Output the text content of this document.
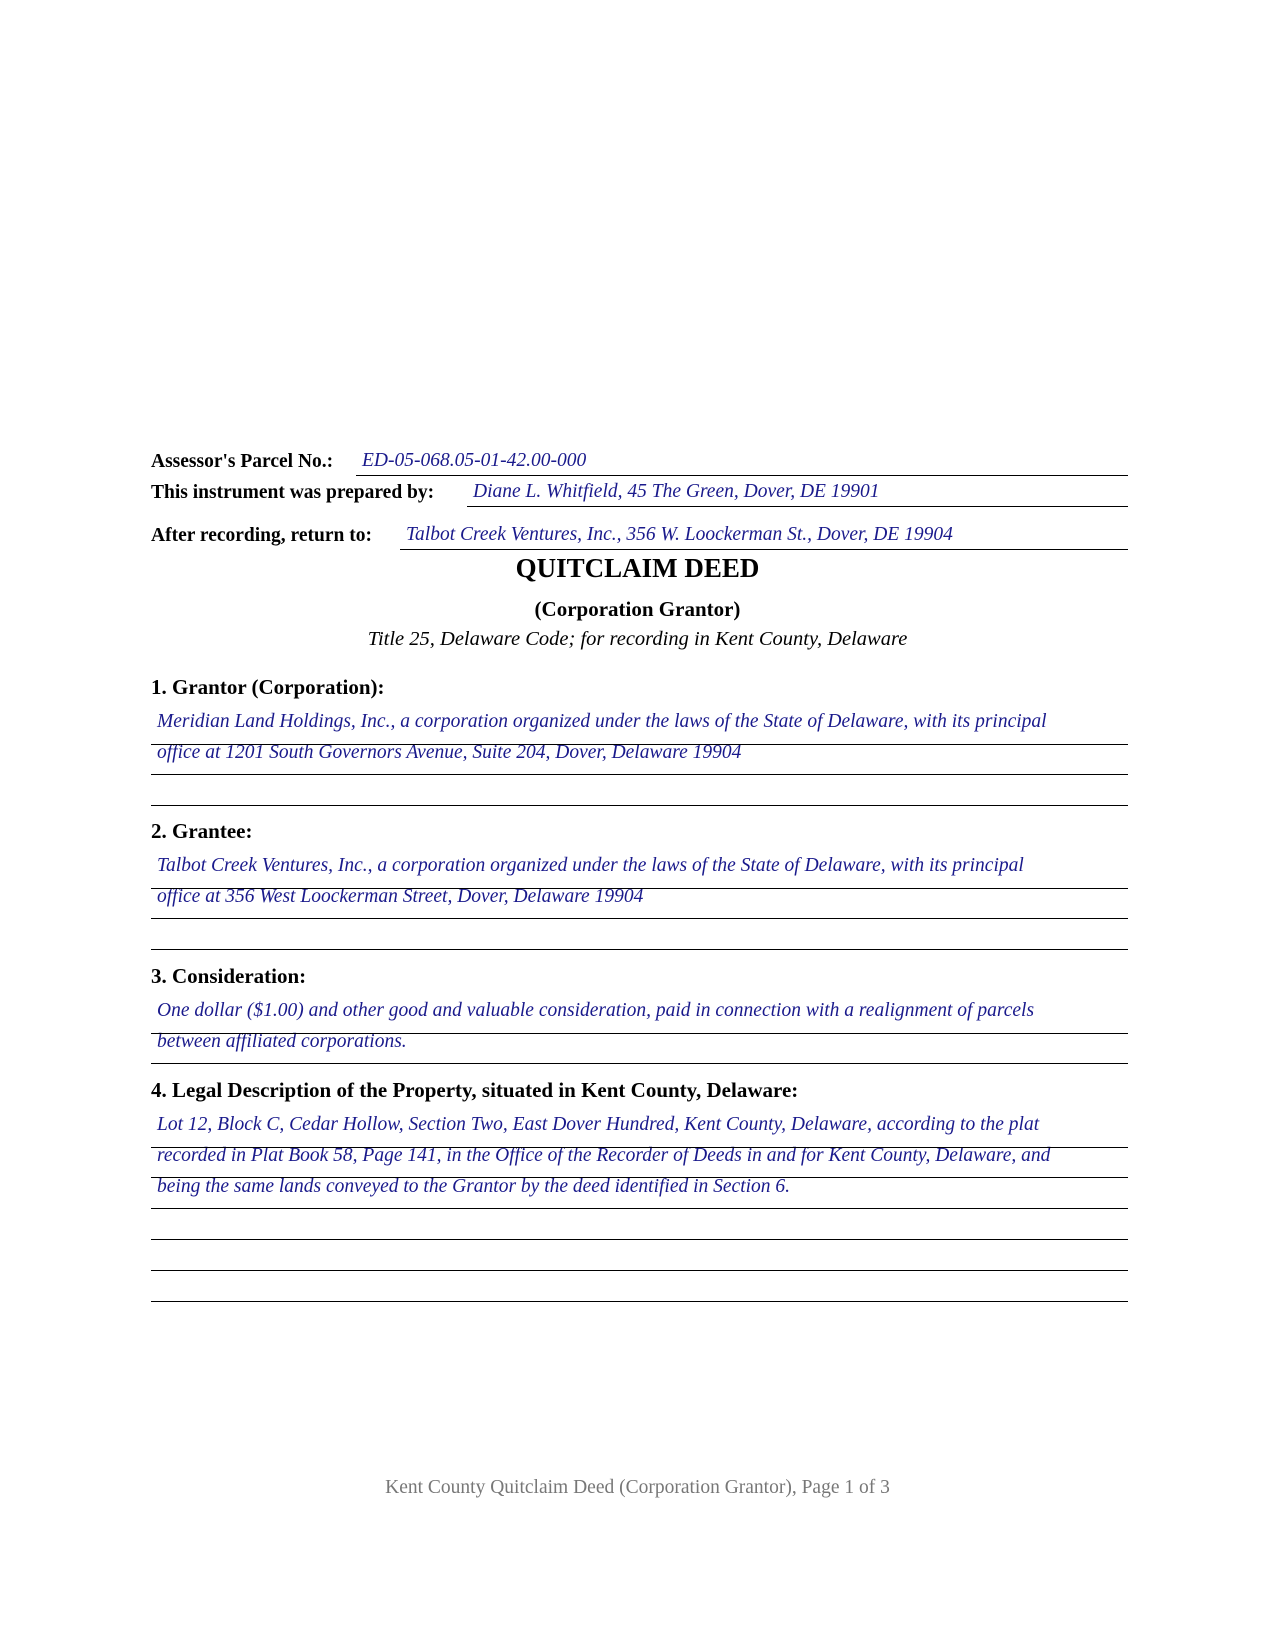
Assessor's Parcel No.: ED-05-068.05-01-42.00-000
This instrument was prepared by: Diane L. Whitfield, 45 The Green, Dover, DE 19901
After recording, return to: Talbot Creek Ventures, Inc., 356 W. Loockerman St., Dover, DE 19904
QUITCLAIM DEED
(Corporation Grantor)
Title 25, Delaware Code; for recording in Kent County, Delaware
1. Grantor (Corporation):
Meridian Land Holdings, Inc., a corporation organized under the laws of the State of Delaware, with its principal
office at 1201 South Governors Avenue, Suite 204, Dover, Delaware 19904
2. Grantee:
Talbot Creek Ventures, Inc., a corporation organized under the laws of the State of Delaware, with its principal
office at 356 West Loockerman Street, Dover, Delaware 19904
3. Consideration:
One dollar ($1.00) and other good and valuable consideration, paid in connection with a realignment of parcels
between affiliated corporations.
4. Legal Description of the Property, situated in Kent County, Delaware:
Lot 12, Block C, Cedar Hollow, Section Two, East Dover Hundred, Kent County, Delaware, according to the plat
recorded in Plat Book 58, Page 141, in the Office of the Recorder of Deeds in and for Kent County, Delaware, and
being the same lands conveyed to the Grantor by the deed identified in Section 6.
Kent County Quitclaim Deed (Corporation Grantor), Page 1 of 3
